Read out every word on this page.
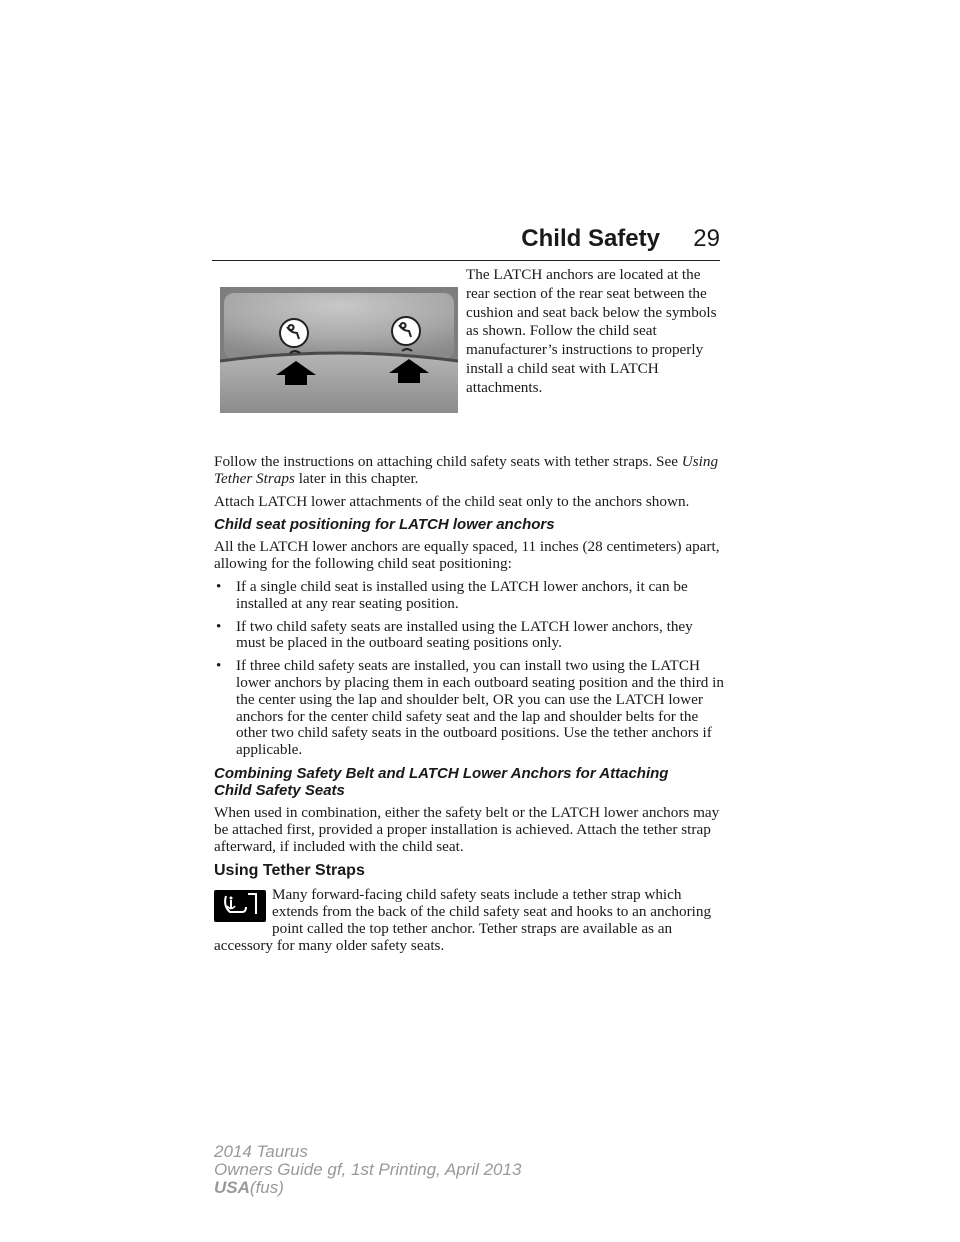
Child Safety 29
The LATCH anchors are located at the rear section of the rear seat between the cushion and seat back below the symbols as shown. Follow the child seat manufacturer’s instructions to properly install a child seat with LATCH attachments.

Follow the instructions on attaching child safety seats with tether straps. See Using Tether Straps later in this chapter.

Attach LATCH lower attachments of the child seat only to the anchors shown.

Child seat positioning for LATCH lower anchors

All the LATCH lower anchors are equally spaced, 11 inches (28 centimeters) apart, allowing for the following child seat positioning:

• If a single child seat is installed using the LATCH lower anchors, it can be installed at any rear seating position.
• If two child safety seats are installed using the LATCH lower anchors, they must be placed in the outboard seating positions only.
• If three child safety seats are installed, you can install two using the LATCH lower anchors by placing them in each outboard seating position and the third in the center using the lap and shoulder belt, OR you can use the LATCH lower anchors for the center child safety seat and the lap and shoulder belts for the other two child safety seats in the outboard positions. Use the tether anchors if applicable.
Combining Safety Belt and LATCH Lower Anchors for Attaching
Child Safety Seats

When used in combination, either the safety belt or the LATCH lower anchors may be attached first, provided a proper installation is achieved. Attach the tether strap afterward, if included with the child seat.

Using Tether Straps
Many forward-facing child safety seats include a tether strap which extends from the back of the child safety seat and hooks to an anchoring point called the top tether anchor. Tether straps are available as an accessory for many older safety seats.
2014 Taurus
Owners Guide gf, 1st Printing, April 2013
USA(fus)
